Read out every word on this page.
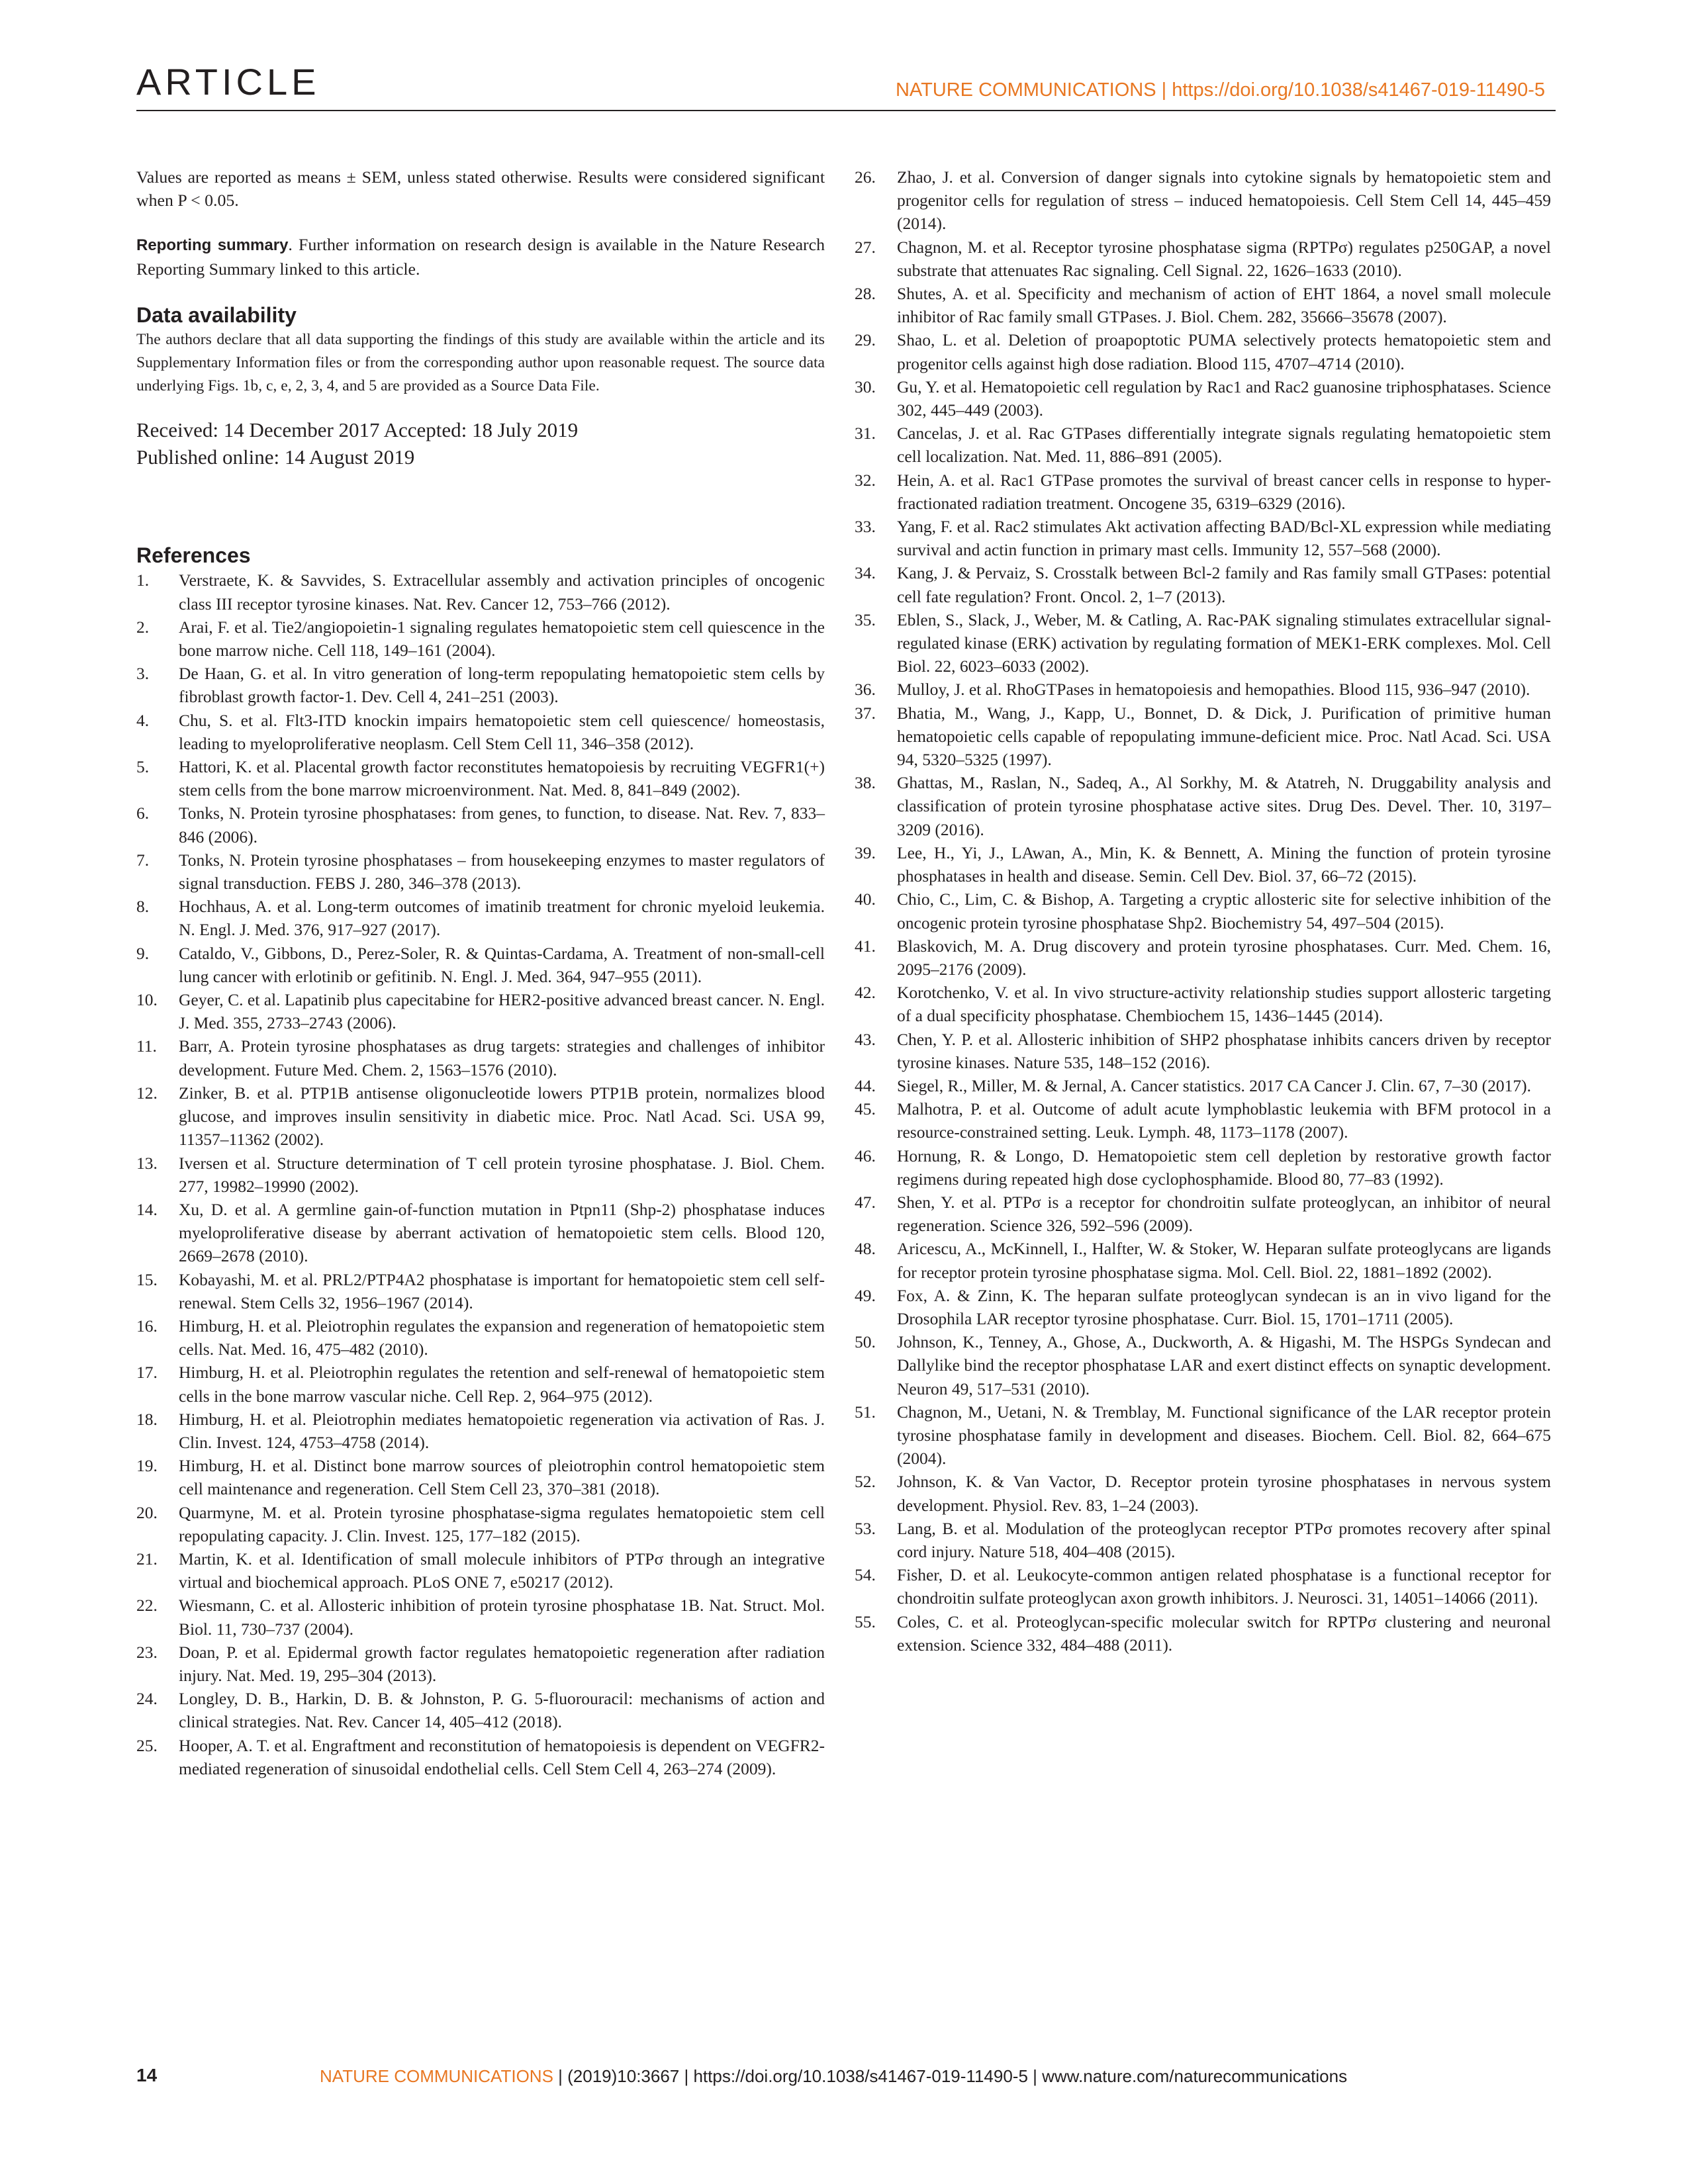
ARTICLE	NATURE COMMUNICATIONS | https://doi.org/10.1038/s41467-019-11490-5

Values are reported as means ± SEM, unless stated otherwise. Results were considered significant when P < 0.05.

Reporting summary. Further information on research design is available in the Nature Research Reporting Summary linked to this article.

Data availability

The authors declare that all data supporting the findings of this study are available within the article and its Supplementary Information files or from the corresponding author upon reasonable request. The source data underlying Figs. 1b, c, e, 2, 3, 4, and 5 are provided as a Source Data File.

Received: 14 December 2017 Accepted: 18 July 2019

Published online: 14 August 2019

References
1. Verstraete, K. & Savvides, S. Extracellular assembly and activation principles of oncogenic class III receptor tyrosine kinases. Nat. Rev. Cancer 12, 753–766 (2012).
2. Arai, F. et al. Tie2/angiopoietin-1 signaling regulates hematopoietic stem cell quiescence in the bone marrow niche. Cell 118, 149–161 (2004).
3. De Haan, G. et al. In vitro generation of long-term repopulating hematopoietic stem cells by fibroblast growth factor-1. Dev. Cell 4, 241–251 (2003).
4. Chu, S. et al. Flt3-ITD knockin impairs hematopoietic stem cell quiescence/ homeostasis, leading to myeloproliferative neoplasm. Cell Stem Cell 11, 346–358 (2012).
5. Hattori, K. et al. Placental growth factor reconstitutes hematopoiesis by recruiting VEGFR1(+) stem cells from the bone marrow microenvironment. Nat. Med. 8, 841–849 (2002).
6. Tonks, N. Protein tyrosine phosphatases: from genes, to function, to disease. Nat. Rev. 7, 833–846 (2006).
7. Tonks, N. Protein tyrosine phosphatases – from housekeeping enzymes to master regulators of signal transduction. FEBS J. 280, 346–378 (2013).
8. Hochhaus, A. et al. Long-term outcomes of imatinib treatment for chronic myeloid leukemia. N. Engl. J. Med. 376, 917–927 (2017).
9. Cataldo, V., Gibbons, D., Perez-Soler, R. & Quintas-Cardama, A. Treatment of non-small-cell lung cancer with erlotinib or gefitinib. N. Engl. J. Med. 364, 947–955 (2011).
10. Geyer, C. et al. Lapatinib plus capecitabine for HER2-positive advanced breast cancer. N. Engl. J. Med. 355, 2733–2743 (2006).
11. Barr, A. Protein tyrosine phosphatases as drug targets: strategies and challenges of inhibitor development. Future Med. Chem. 2, 1563–1576 (2010).
12. Zinker, B. et al. PTP1B antisense oligonucleotide lowers PTP1B protein, normalizes blood glucose, and improves insulin sensitivity in diabetic mice. Proc. Natl Acad. Sci. USA 99, 11357–11362 (2002).
13. Iversen et al. Structure determination of T cell protein tyrosine phosphatase. J. Biol. Chem. 277, 19982–19990 (2002).
14. Xu, D. et al. A germline gain-of-function mutation in Ptpn11 (Shp-2) phosphatase induces myeloproliferative disease by aberrant activation of hematopoietic stem cells. Blood 120, 2669–2678 (2010).
15. Kobayashi, M. et al. PRL2/PTP4A2 phosphatase is important for hematopoietic stem cell self-renewal. Stem Cells 32, 1956–1967 (2014).
16. Himburg, H. et al. Pleiotrophin regulates the expansion and regeneration of hematopoietic stem cells. Nat. Med. 16, 475–482 (2010).
17. Himburg, H. et al. Pleiotrophin regulates the retention and self-renewal of hematopoietic stem cells in the bone marrow vascular niche. Cell Rep. 2, 964–975 (2012).
18. Himburg, H. et al. Pleiotrophin mediates hematopoietic regeneration via activation of Ras. J. Clin. Invest. 124, 4753–4758 (2014).
19. Himburg, H. et al. Distinct bone marrow sources of pleiotrophin control hematopoietic stem cell maintenance and regeneration. Cell Stem Cell 23, 370–381 (2018).
20. Quarmyne, M. et al. Protein tyrosine phosphatase-sigma regulates hematopoietic stem cell repopulating capacity. J. Clin. Invest. 125, 177–182 (2015).
21. Martin, K. et al. Identification of small molecule inhibitors of PTPσ through an integrative virtual and biochemical approach. PLoS ONE 7, e50217 (2012).
22. Wiesmann, C. et al. Allosteric inhibition of protein tyrosine phosphatase 1B. Nat. Struct. Mol. Biol. 11, 730–737 (2004).
23. Doan, P. et al. Epidermal growth factor regulates hematopoietic regeneration after radiation injury. Nat. Med. 19, 295–304 (2013).
24. Longley, D. B., Harkin, D. B. & Johnston, P. G. 5-fluorouracil: mechanisms of action and clinical strategies. Nat. Rev. Cancer 14, 405–412 (2018).
25. Hooper, A. T. et al. Engraftment and reconstitution of hematopoiesis is dependent on VEGFR2-mediated regeneration of sinusoidal endothelial cells. Cell Stem Cell 4, 263–274 (2009).
26. Zhao, J. et al. Conversion of danger signals into cytokine signals by hematopoietic stem and progenitor cells for regulation of stress – induced hematopoiesis. Cell Stem Cell 14, 445–459 (2014).
27. Chagnon, M. et al. Receptor tyrosine phosphatase sigma (RPTPσ) regulates p250GAP, a novel substrate that attenuates Rac signaling. Cell Signal. 22, 1626–1633 (2010).
28. Shutes, A. et al. Specificity and mechanism of action of EHT 1864, a novel small molecule inhibitor of Rac family small GTPases. J. Biol. Chem. 282, 35666–35678 (2007).
29. Shao, L. et al. Deletion of proapoptotic PUMA selectively protects hematopoietic stem and progenitor cells against high dose radiation. Blood 115, 4707–4714 (2010).
30. Gu, Y. et al. Hematopoietic cell regulation by Rac1 and Rac2 guanosine triphosphatases. Science 302, 445–449 (2003).
31. Cancelas, J. et al. Rac GTPases differentially integrate signals regulating hematopoietic stem cell localization. Nat. Med. 11, 886–891 (2005).
32. Hein, A. et al. Rac1 GTPase promotes the survival of breast cancer cells in response to hyper-fractionated radiation treatment. Oncogene 35, 6319–6329 (2016).
33. Yang, F. et al. Rac2 stimulates Akt activation affecting BAD/Bcl-XL expression while mediating survival and actin function in primary mast cells. Immunity 12, 557–568 (2000).
34. Kang, J. & Pervaiz, S. Crosstalk between Bcl-2 family and Ras family small GTPases: potential cell fate regulation? Front. Oncol. 2, 1–7 (2013).
35. Eblen, S., Slack, J., Weber, M. & Catling, A. Rac-PAK signaling stimulates extracellular signal-regulated kinase (ERK) activation by regulating formation of MEK1-ERK complexes. Mol. Cell Biol. 22, 6023–6033 (2002).
36. Mulloy, J. et al. RhoGTPases in hematopoiesis and hemopathies. Blood 115, 936–947 (2010).
37. Bhatia, M., Wang, J., Kapp, U., Bonnet, D. & Dick, J. Purification of primitive human hematopoietic cells capable of repopulating immune-deficient mice. Proc. Natl Acad. Sci. USA 94, 5320–5325 (1997).
38. Ghattas, M., Raslan, N., Sadeq, A., Al Sorkhy, M. & Atatreh, N. Druggability analysis and classification of protein tyrosine phosphatase active sites. Drug Des. Devel. Ther. 10, 3197–3209 (2016).
39. Lee, H., Yi, J., LAwan, A., Min, K. & Bennett, A. Mining the function of protein tyrosine phosphatases in health and disease. Semin. Cell Dev. Biol. 37, 66–72 (2015).
40. Chio, C., Lim, C. & Bishop, A. Targeting a cryptic allosteric site for selective inhibition of the oncogenic protein tyrosine phosphatase Shp2. Biochemistry 54, 497–504 (2015).
41. Blaskovich, M. A. Drug discovery and protein tyrosine phosphatases. Curr. Med. Chem. 16, 2095–2176 (2009).
42. Korotchenko, V. et al. In vivo structure-activity relationship studies support allosteric targeting of a dual specificity phosphatase. Chembiochem 15, 1436–1445 (2014).
43. Chen, Y. P. et al. Allosteric inhibition of SHP2 phosphatase inhibits cancers driven by receptor tyrosine kinases. Nature 535, 148–152 (2016).
44. Siegel, R., Miller, M. & Jernal, A. Cancer statistics. 2017 CA Cancer J. Clin. 67, 7–30 (2017).
45. Malhotra, P. et al. Outcome of adult acute lymphoblastic leukemia with BFM protocol in a resource-constrained setting. Leuk. Lymph. 48, 1173–1178 (2007).
46. Hornung, R. & Longo, D. Hematopoietic stem cell depletion by restorative growth factor regimens during repeated high dose cyclophosphamide. Blood 80, 77–83 (1992).
47. Shen, Y. et al. PTPσ is a receptor for chondroitin sulfate proteoglycan, an inhibitor of neural regeneration. Science 326, 592–596 (2009).
48. Aricescu, A., McKinnell, I., Halfter, W. & Stoker, W. Heparan sulfate proteoglycans are ligands for receptor protein tyrosine phosphatase sigma. Mol. Cell. Biol. 22, 1881–1892 (2002).
49. Fox, A. & Zinn, K. The heparan sulfate proteoglycan syndecan is an in vivo ligand for the Drosophila LAR receptor tyrosine phosphatase. Curr. Biol. 15, 1701–1711 (2005).
50. Johnson, K., Tenney, A., Ghose, A., Duckworth, A. & Higashi, M. The HSPGs Syndecan and Dallylike bind the receptor phosphatase LAR and exert distinct effects on synaptic development. Neuron 49, 517–531 (2010).
51. Chagnon, M., Uetani, N. & Tremblay, M. Functional significance of the LAR receptor protein tyrosine phosphatase family in development and diseases. Biochem. Cell. Biol. 82, 664–675 (2004).
52. Johnson, K. & Van Vactor, D. Receptor protein tyrosine phosphatases in nervous system development. Physiol. Rev. 83, 1–24 (2003).
53. Lang, B. et al. Modulation of the proteoglycan receptor PTPσ promotes recovery after spinal cord injury. Nature 518, 404–408 (2015).
54. Fisher, D. et al. Leukocyte-common antigen related phosphatase is a functional receptor for chondroitin sulfate proteoglycan axon growth inhibitors. J. Neurosci. 31, 14051–14066 (2011).
55. Coles, C. et al. Proteoglycan-specific molecular switch for RPTPσ clustering and neuronal extension. Science 332, 484–488 (2011).
14	NATURE COMMUNICATIONS | (2019)10:3667 | https://doi.org/10.1038/s41467-019-11490-5 | www.nature.com/naturecommunications
